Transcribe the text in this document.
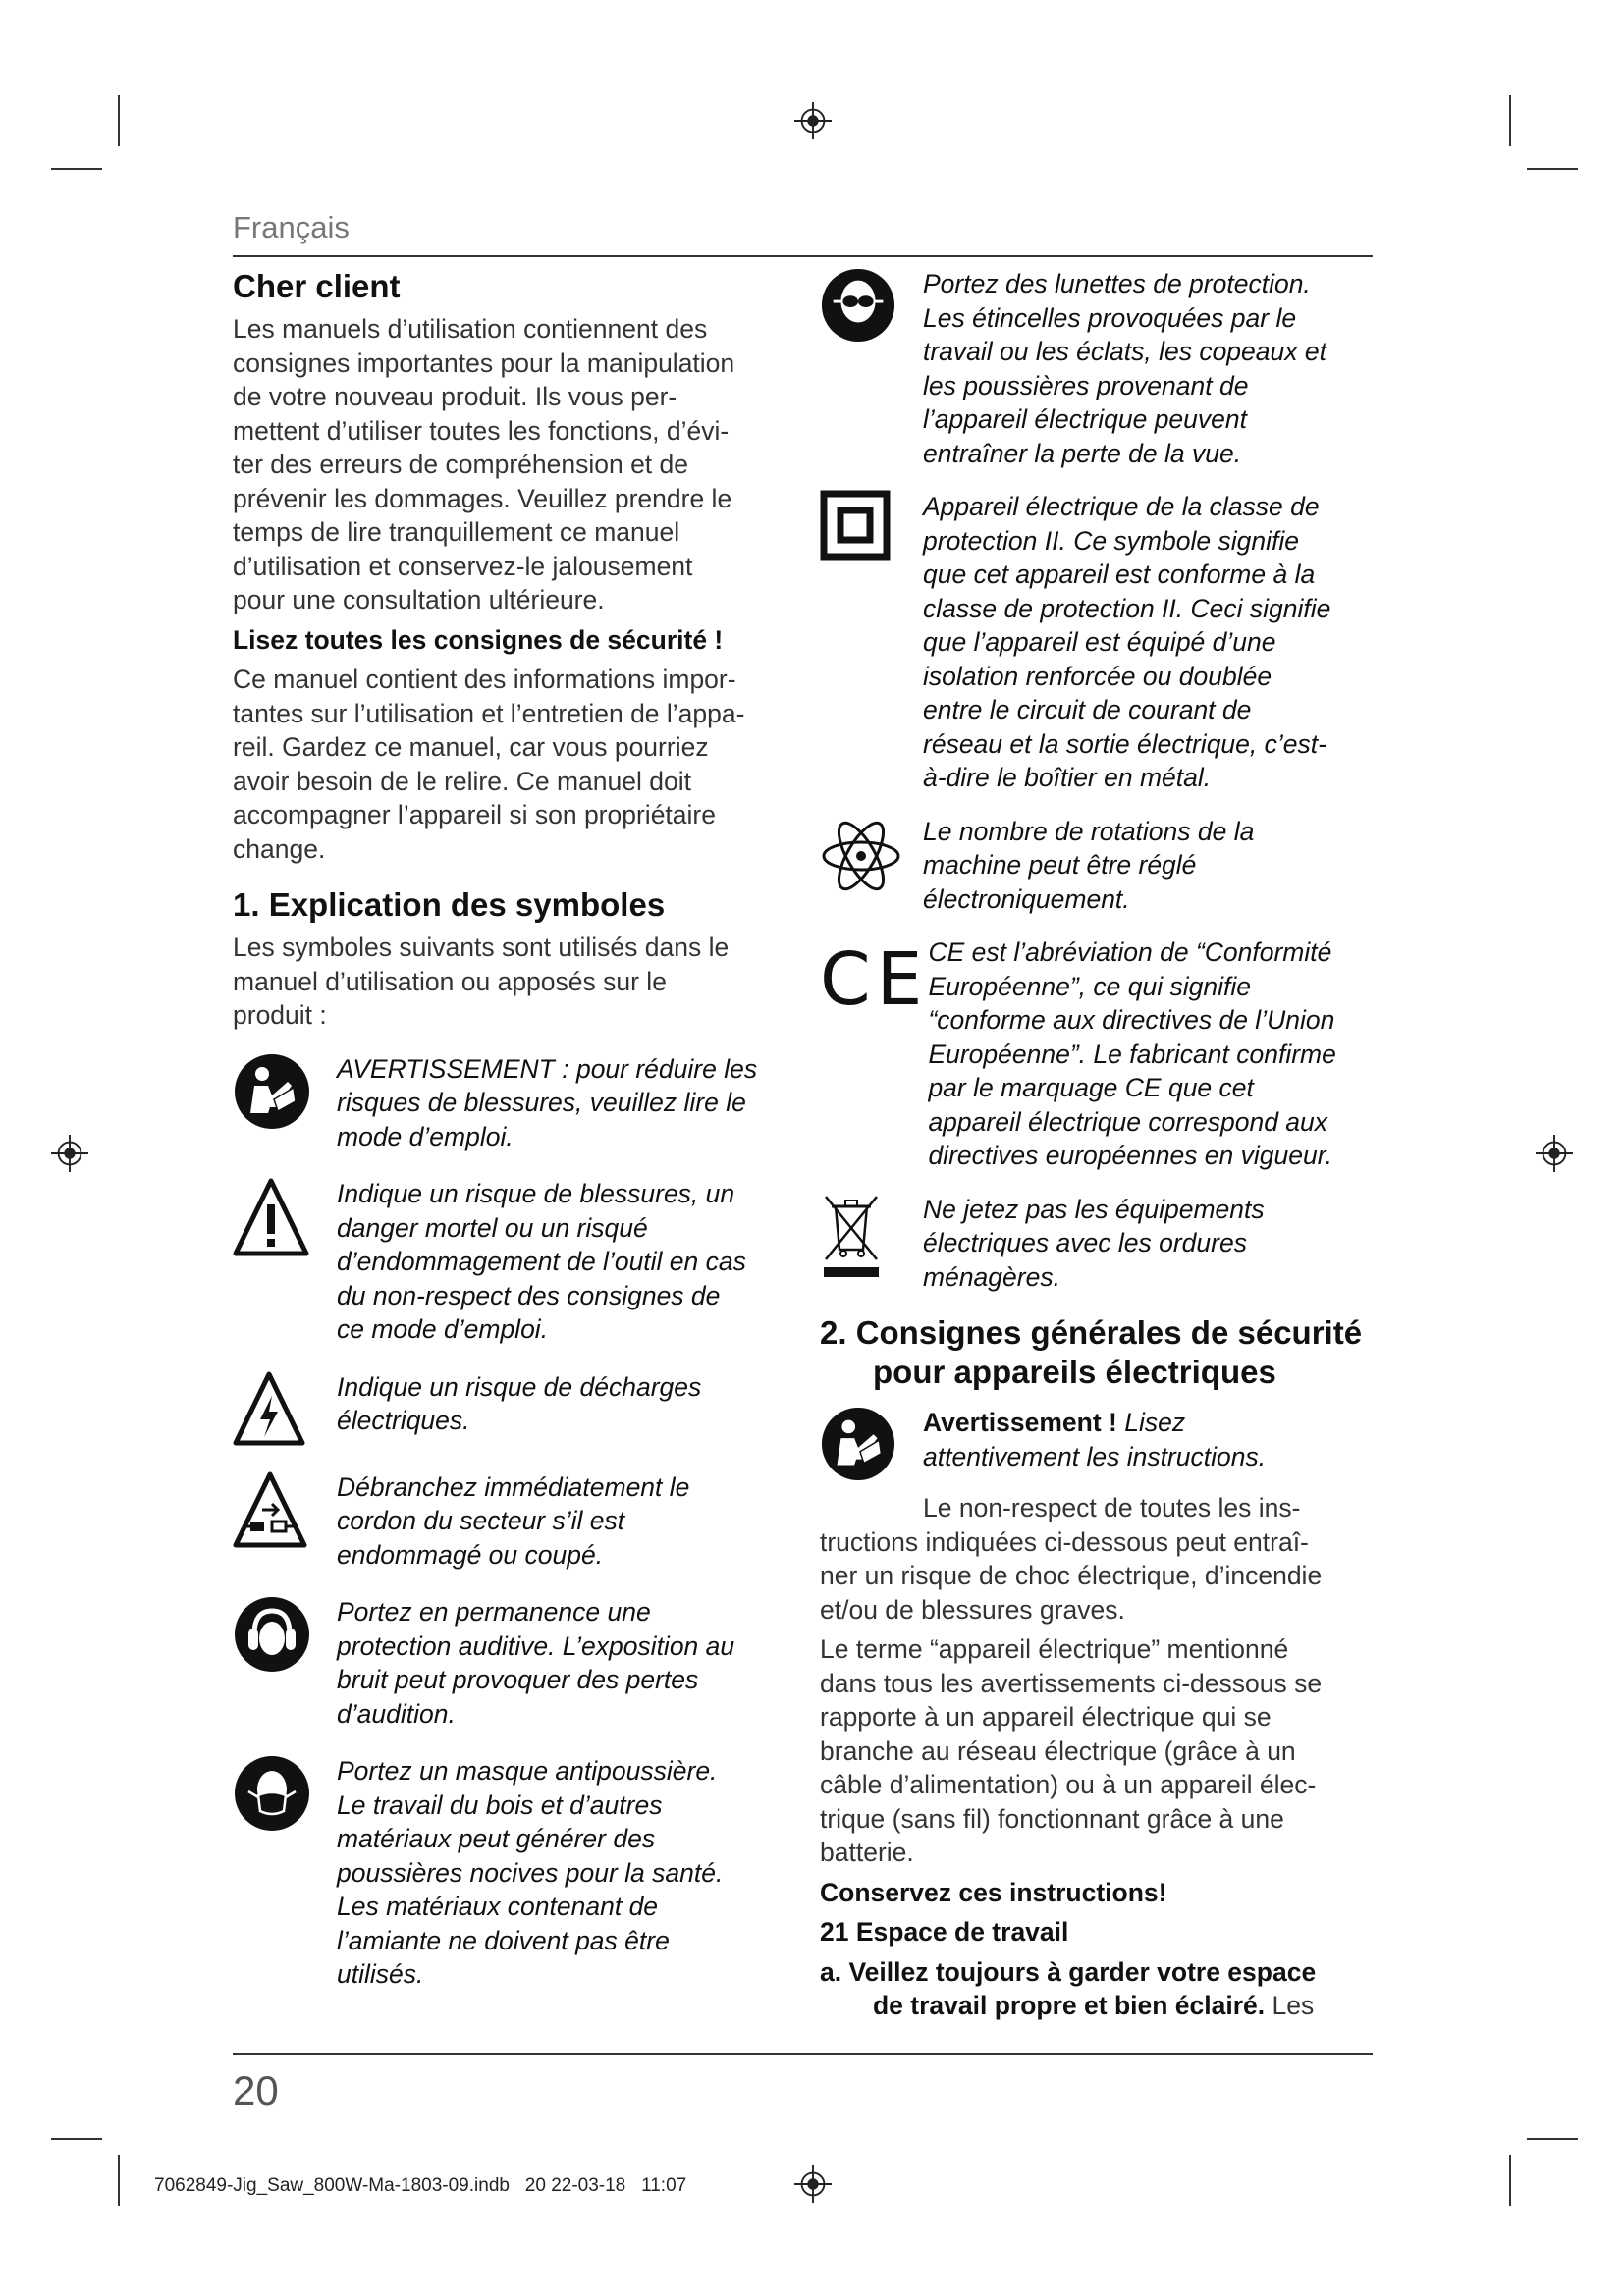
Français
Cher client

Les manuels d’utilisation contiennent des
consignes importantes pour la manipulation
de votre nouveau produit. Ils vous per-
mettent d’utiliser toutes les fonctions, d’évi-
ter des erreurs de compréhension et de
prévenir les dommages. Veuillez prendre le
temps de lire tranquillement ce manuel
d’utilisation et conservez-le jalousement
pour une consultation ultérieure.

Lisez toutes les consignes de sécurité !

Ce manuel contient des informations impor-
tantes sur l’utilisation et l’entretien de l’appa-
reil. Gardez ce manuel, car vous pourriez
avoir besoin de le relire. Ce manuel doit
accompagner l’appareil si son propriétaire
change.

1. Explication des symboles

Les symboles suivants sont utilisés dans le
manuel d’utilisation ou apposés sur le
produit :

AVERTISSEMENT : pour réduire les
risques de blessures, veuillez lire le
mode d’emploi.
Indique un risque de blessures, un
danger mortel ou un risqué
d’endommagement de l’outil en cas
du non-respect des consignes de
ce mode d’emploi.
Indique un risque de décharges
électriques.
Débranchez immédiatement le
cordon du secteur s’il est
endommagé ou coupé.
Portez en permanence une
protection auditive. L’exposition au
bruit peut provoquer des pertes
d’audition.
Portez un masque antipoussière.
Le travail du bois et d’autres
matériaux peut générer des
poussières nocives pour la santé.
Les matériaux contenant de
l’amiante ne doivent pas être
utilisés.
Portez des lunettes de protection.
Les étincelles provoquées par le
travail ou les éclats, les copeaux et
les poussières provenant de
l’appareil électrique peuvent
entraîner la perte de la vue.
Appareil électrique de la classe de
protection II. Ce symbole signifie
que cet appareil est conforme à la
classe de protection II. Ceci signifie
que l’appareil est équipé d’une
isolation renforcée ou doublée
entre le circuit de courant de
réseau et la sortie électrique, c’est-
à-dire le boîtier en métal.
Le nombre de rotations de la
machine peut être réglé
électroniquement.
CE CE est l’abréviation de “Conformité
Européenne”, ce qui signifie
“conforme aux directives de l’Union
Européenne”. Le fabricant confirme
par le marquage CE que cet
appareil électrique correspond aux
directives européennes en vigueur.
Ne jetez pas les équipements
électriques avec les ordures
ménagères.
2. Consignes générales de sécurité
pour appareils électriques
Avertissement ! Lisez
attentivement les instructions.

Le non-respect de toutes les ins-
tructions indiquées ci-dessous peut entraî-
ner un risque de choc électrique, d’incendie
et/ou de blessures graves.

Le terme “appareil électrique” mentionné
dans tous les avertissements ci-dessous se
rapporte à un appareil électrique qui se
branche au réseau électrique (grâce à un
câble d’alimentation) ou à un appareil élec-
trique (sans fil) fonctionnant grâce à une
batterie.

Conservez ces instructions!

21 Espace de travail

a. Veillez toujours à garder votre espace
de travail propre et bien éclairé. Les

20
7062849-Jig_Saw_800W-Ma-1803-09.indb   20 22-03-18   11:07
